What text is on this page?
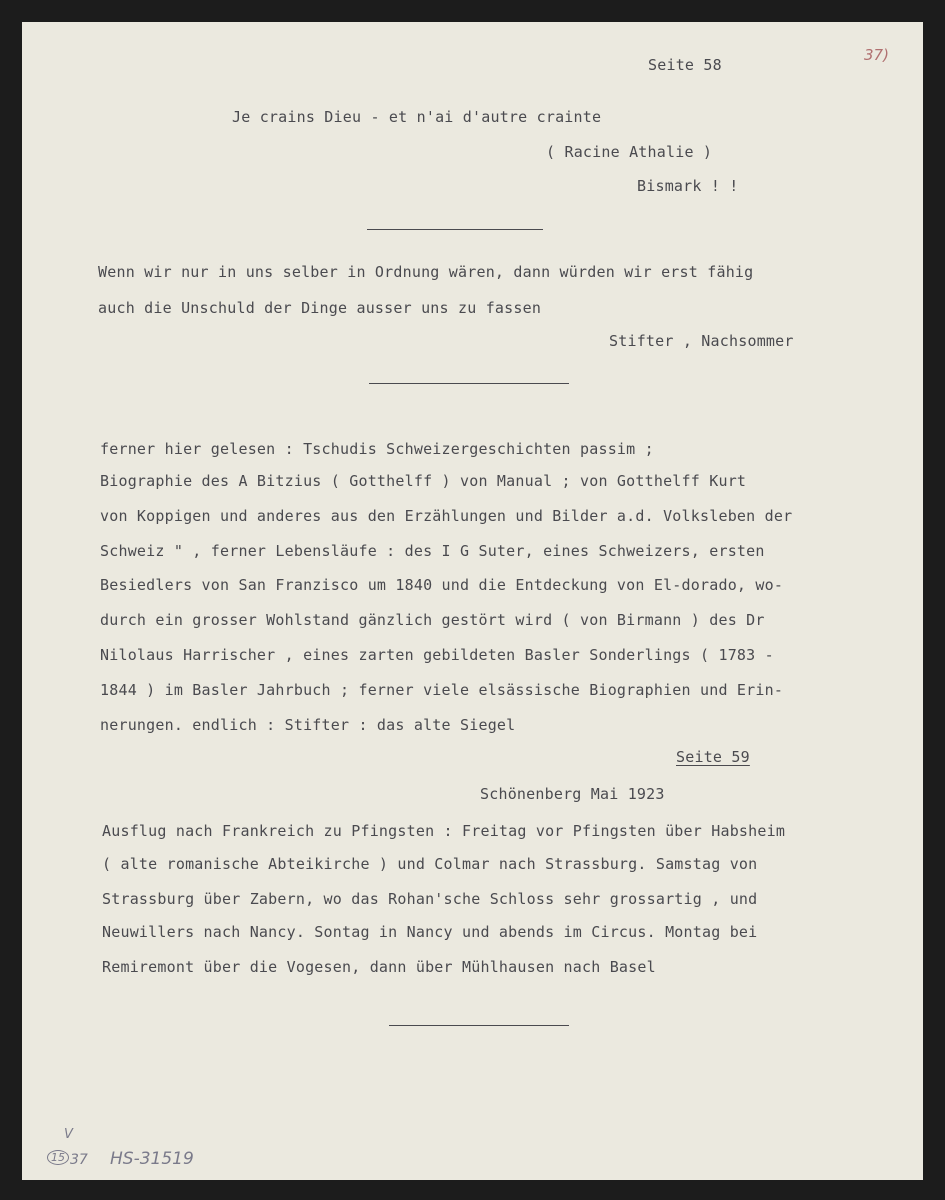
Seite 58
37)
Je crains Dieu - et n'ai d'autre crainte
( Racine Athalie )
Bismark ! !
Wenn wir nur in uns selber in Ordnung wären, dann würden wir erst fähig
auch die Unschuld der Dinge ausser uns zu fassen
Stifter , Nachsommer
ferner hier gelesen : Tschudis Schweizergeschichten passim ;
Biographie des A Bitzius ( Gotthelff ) von Manual ; von Gotthelff Kurt
von Koppigen und anderes aus den Erzählungen und Bilder a.d. Volksleben der
Schweiz " , ferner Lebensläufe : des I G Suter, eines Schweizers, ersten
Besiedlers von San Franzisco um 1840 und die Entdeckung von El-dorado, wo-
durch ein grosser Wohlstand gänzlich gestört wird ( von Birmann ) des Dr
Nilolaus Harrischer , eines zarten gebildeten Basler Sonderlings ( 1783 -
1844 ) im Basler Jahrbuch ; ferner viele elsässische Biographien und Erin-
nerungen. endlich : Stifter : das alte Siegel
Seite 59
Schönenberg Mai 1923
Ausflug nach Frankreich zu Pfingsten : Freitag vor Pfingsten über Habsheim
( alte romanische Abteikirche ) und Colmar nach Strassburg. Samstag von
Strassburg über Zabern, wo das Rohan'sche Schloss sehr grossartig , und
Neuwillers nach Nancy. Sontag in Nancy und abends im Circus. Montag bei
Remiremont über die Vogesen, dann über Mühlhausen nach Basel
V
15 37 HS-31519
